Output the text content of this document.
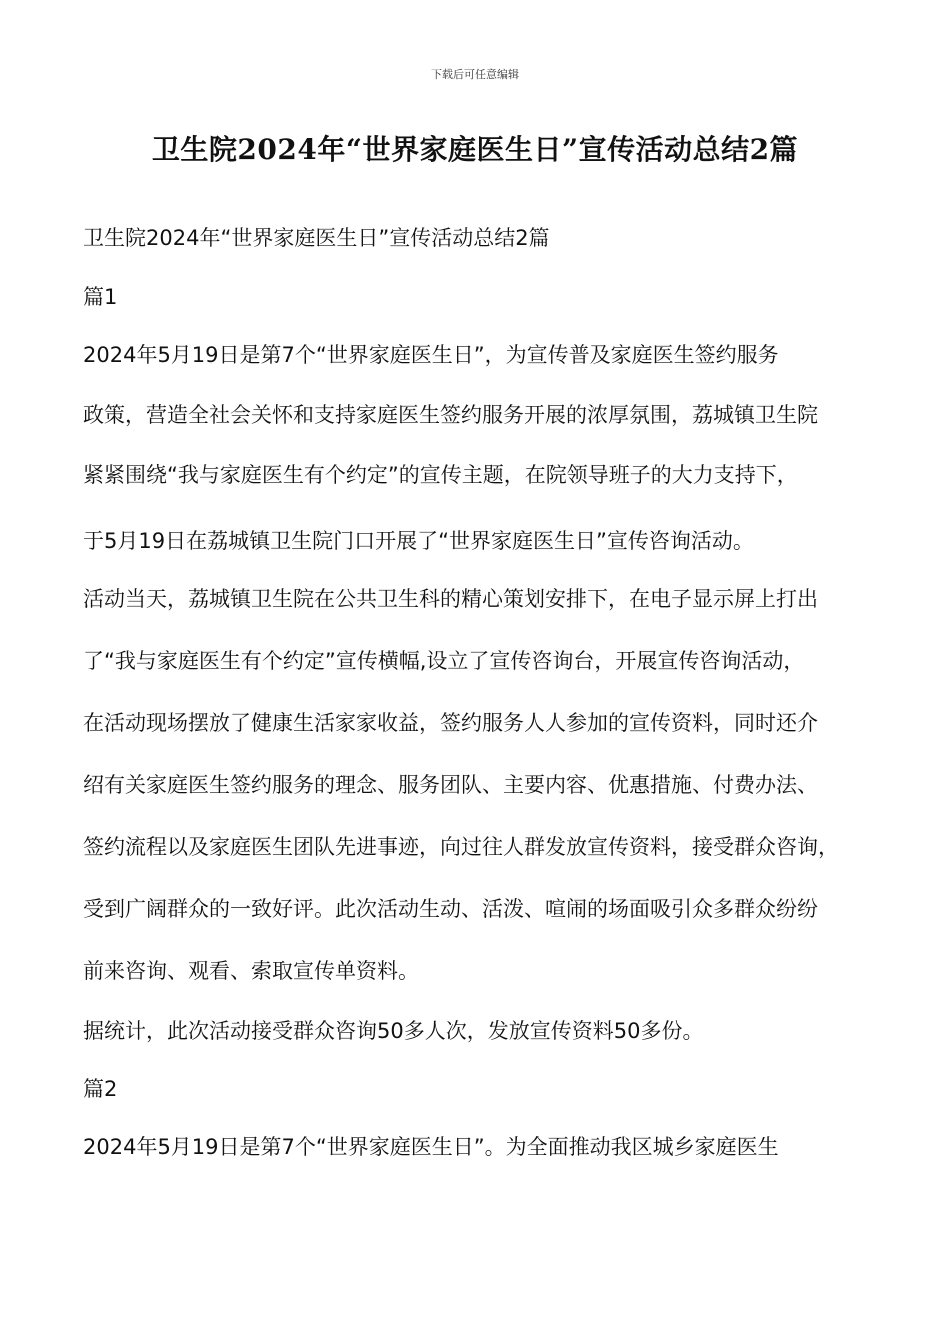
下载后可任意编辑
卫生院2024年“世界家庭医生日”宣传活动总结2篇
卫生院2024年“世界家庭医生日”宣传活动总结2篇
篇1
2024年5月19日是第7个“世界家庭医生日”，为宣传普及家庭医生签约服务
政策，营造全社会关怀和支持家庭医生签约服务开展的浓厚氛围，荔城镇卫生院
紧紧围绕“我与家庭医生有个约定”的宣传主题，在院领导班子的大力支持下，
于5月19日在荔城镇卫生院门口开展了“世界家庭医生日”宣传咨询活动。
活动当天，荔城镇卫生院在公共卫生科的精心策划安排下，在电子显示屏上打出
了“我与家庭医生有个约定”宣传横幅,设立了宣传咨询台，开展宣传咨询活动，
在活动现场摆放了健康生活家家收益，签约服务人人参加的宣传资料，同时还介
绍有关家庭医生签约服务的理念、服务团队、主要内容、优惠措施、付费办法、
签约流程以及家庭医生团队先进事迹，向过往人群发放宣传资料，接受群众咨询，
受到广阔群众的一致好评。此次活动生动、活泼、喧闹的场面吸引众多群众纷纷
前来咨询、观看、索取宣传单资料。
据统计，此次活动接受群众咨询50多人次，发放宣传资料50多份。
篇2
2024年5月19日是第7个“世界家庭医生日”。为全面推动我区城乡家庭医生
